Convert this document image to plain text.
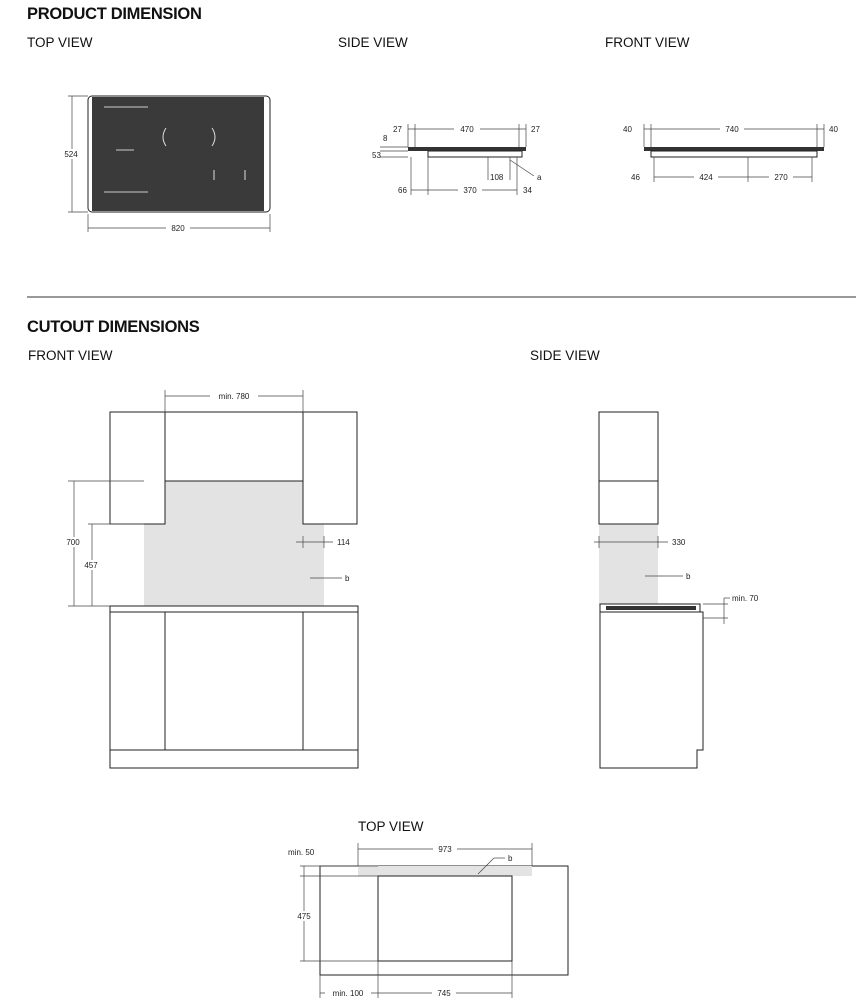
PRODUCT DIMENSION
TOP VIEW	SIDE VIEW	FRONT VIEW
CUTOUT DIMENSIONS
FRONT VIEW	SIDE VIEW
TOP VIEW
524
820
27	470	27
8
53
108	a
66	370	34
40	740	40
46	424	270
min. 780
700
457
114
b
330
b
min. 70
973
b
min. 50
475
min. 100	745
